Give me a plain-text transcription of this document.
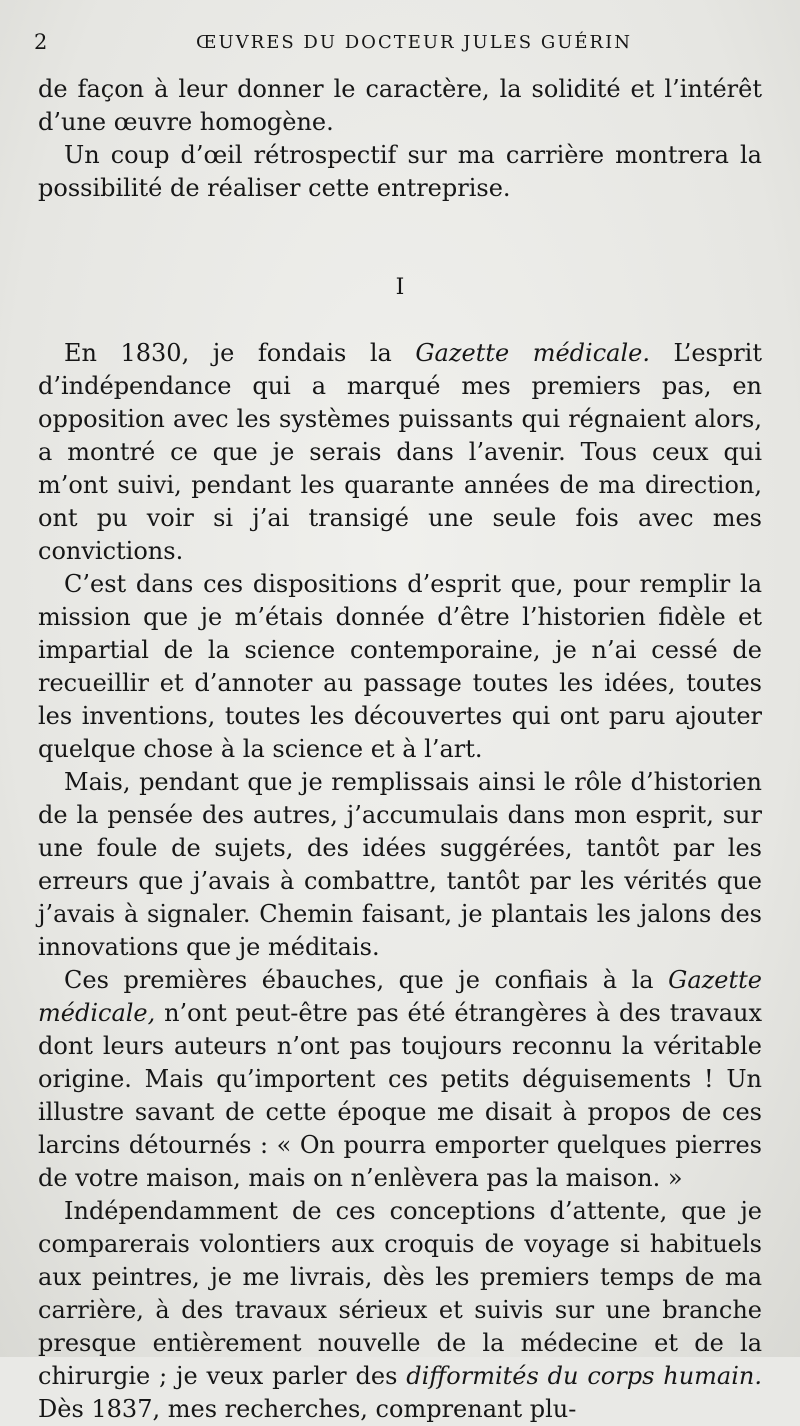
2	ŒUVRES DU DOCTEUR JULES GUÉRIN

de façon à leur donner le caractère, la solidité et l’intérêt d’une œuvre homogène.

Un coup d’œil rétrospectif sur ma carrière montrera la possibilité de réaliser cette entreprise.

I

En 1830, je fondais la Gazette médicale. L’esprit d’indépendance qui a marqué mes premiers pas, en opposition avec les systèmes puissants qui régnaient alors, a montré ce que je serais dans l’avenir. Tous ceux qui m’ont suivi, pendant les quarante années de ma direction, ont pu voir si j’ai transigé une seule fois avec mes convictions.

C’est dans ces dispositions d’esprit que, pour remplir la mission que je m’étais donnée d’être l’historien fidèle et impartial de la science contemporaine, je n’ai cessé de recueillir et d’annoter au passage toutes les idées, toutes les inventions, toutes les découvertes qui ont paru ajouter quelque chose à la science et à l’art.

Mais, pendant que je remplissais ainsi le rôle d’historien de la pensée des autres, j’accumulais dans mon esprit, sur une foule de sujets, des idées suggérées, tantôt par les erreurs que j’avais à combattre, tantôt par les vérités que j’avais à signaler. Chemin faisant, je plantais les jalons des innovations que je méditais.

Ces premières ébauches, que je confiais à la Gazette médicale, n’ont peut-être pas été étrangères à des travaux dont leurs auteurs n’ont pas toujours reconnu la véritable origine. Mais qu’importent ces petits déguisements ! Un illustre savant de cette époque me disait à propos de ces larcins détournés : « On pourra emporter quelques pierres de votre maison, mais on n’enlèvera pas la maison. »

Indépendamment de ces conceptions d’attente, que je comparerais volontiers aux croquis de voyage si habituels aux peintres, je me livrais, dès les premiers temps de ma carrière, à des travaux sérieux et suivis sur une branche presque entièrement nouvelle de la médecine et de la chirurgie ; je veux parler des difformités du corps humain. Dès 1837, mes recherches, comprenant plu-
